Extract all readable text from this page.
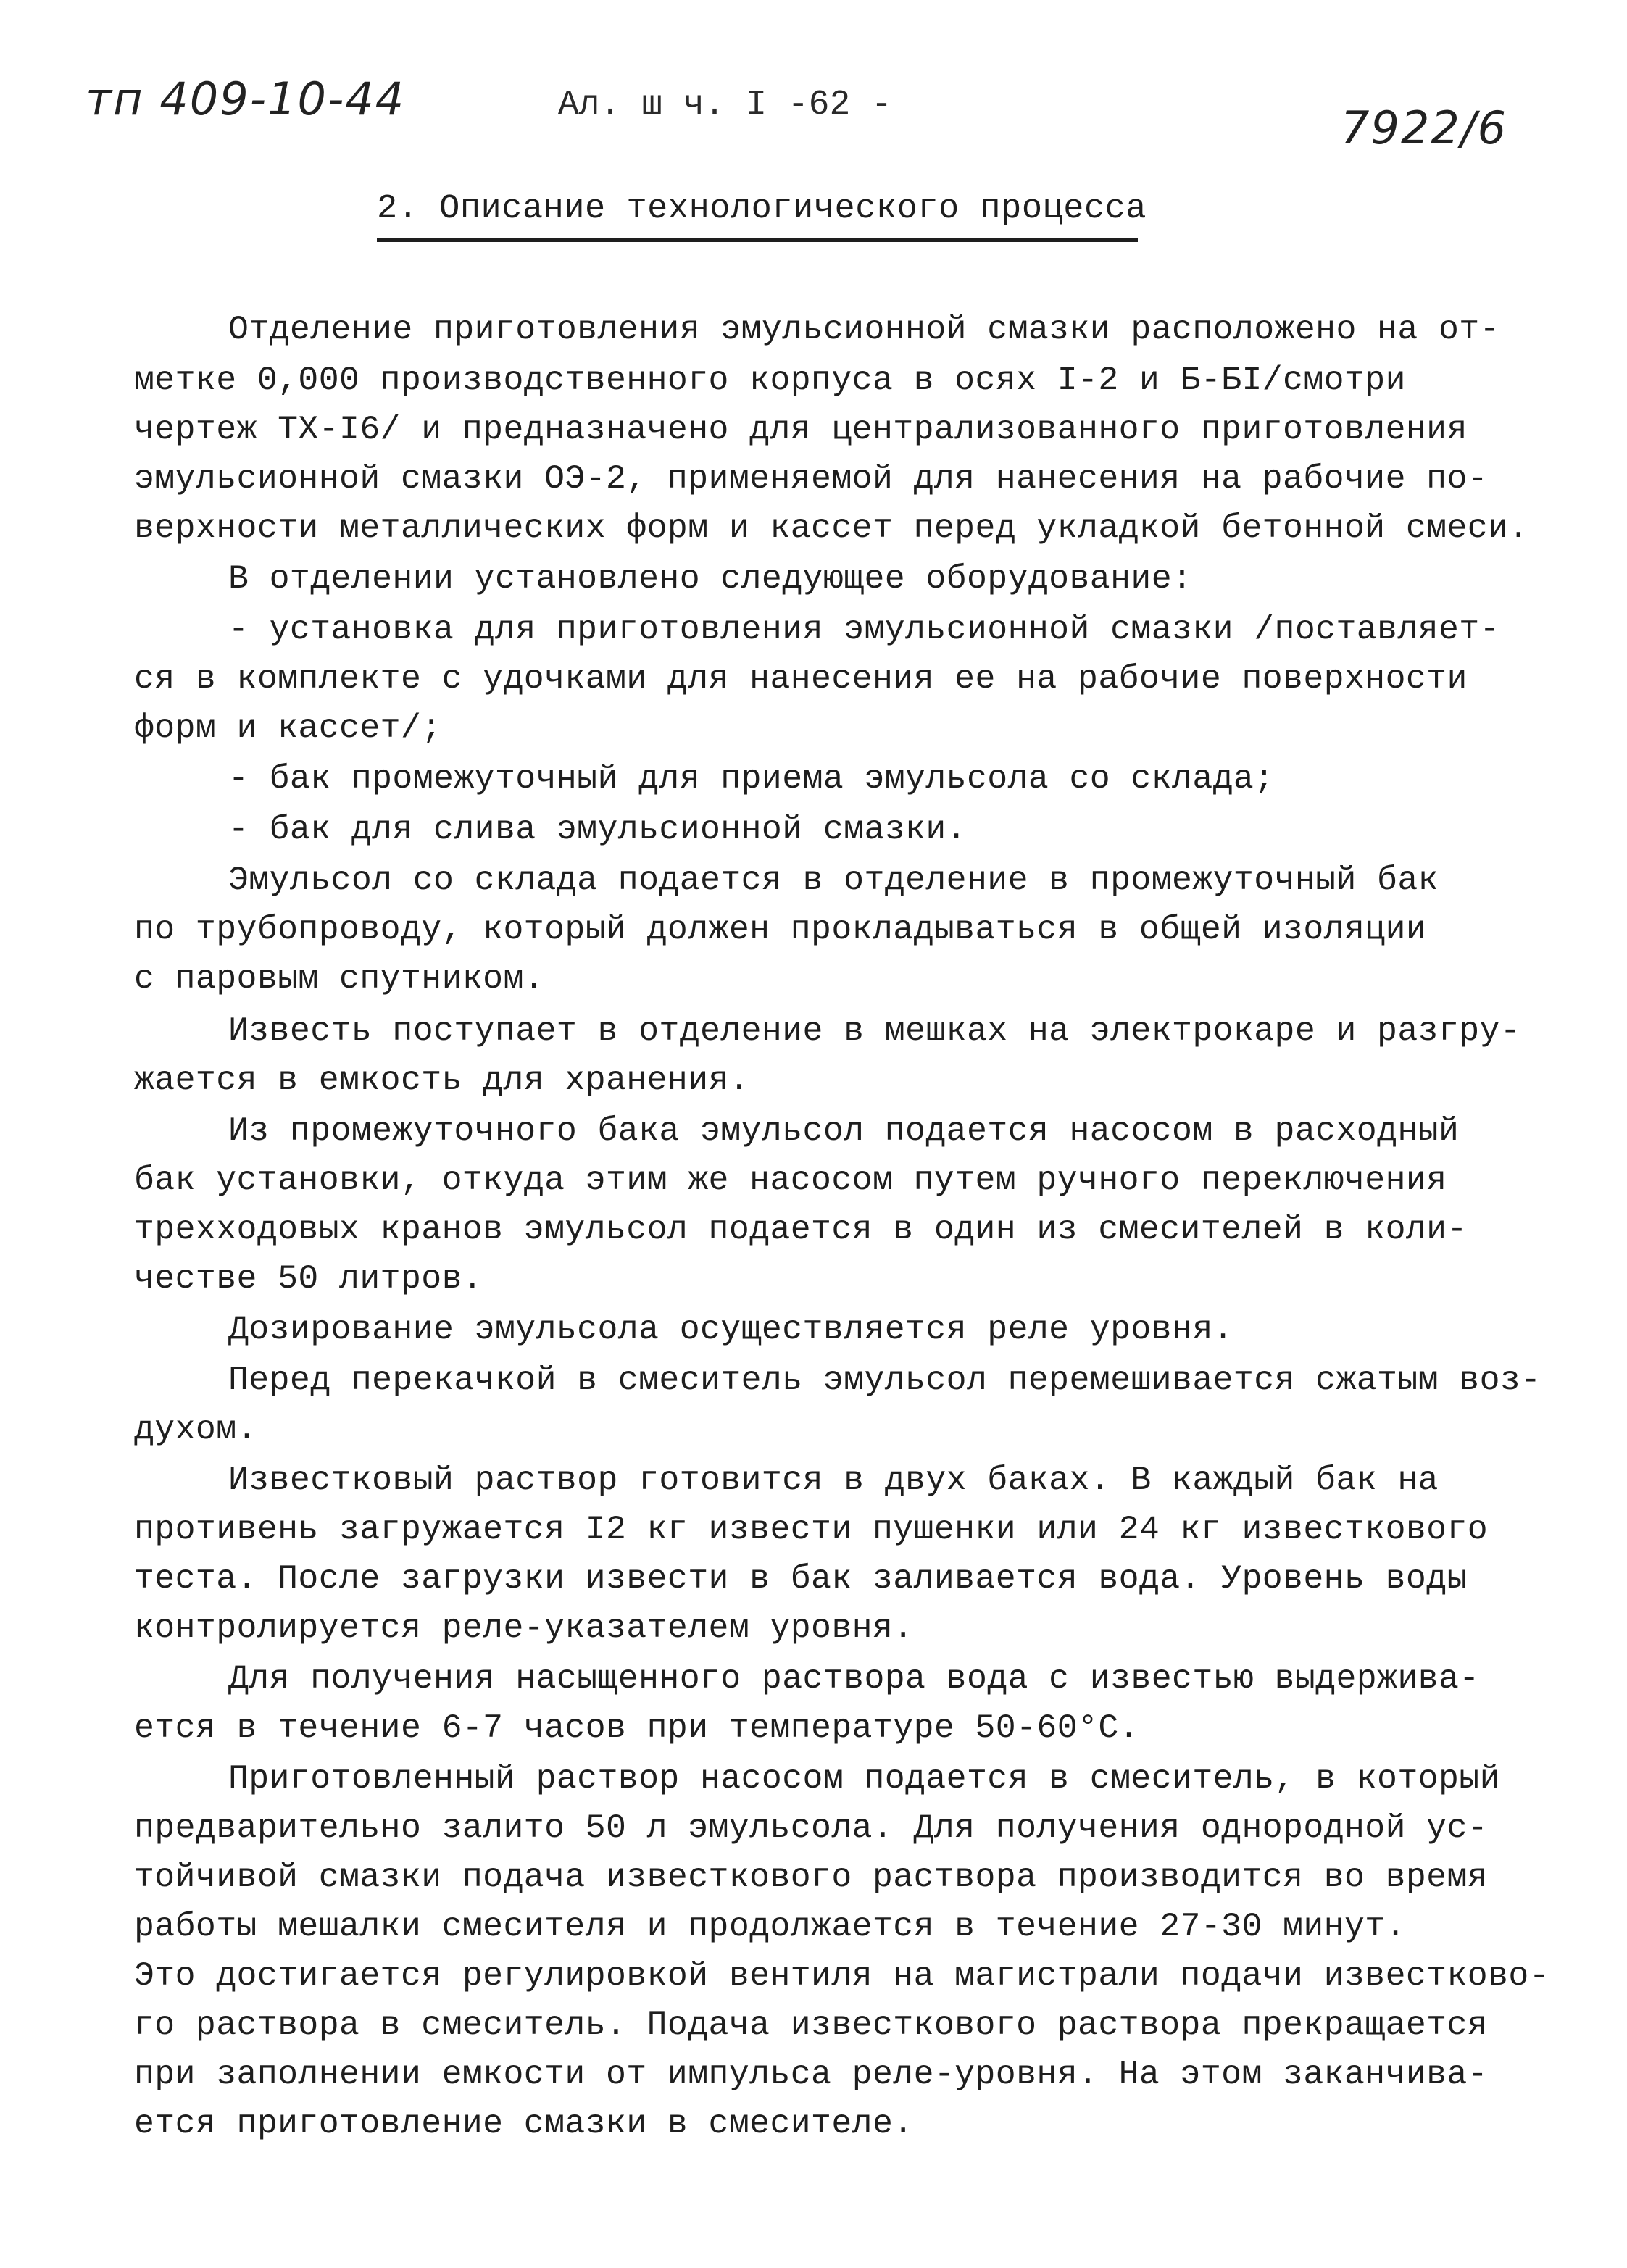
тп 409-10-44	Ал. ш ч. I -62 -	7922/6
2. Описание технологического процесса
Отделение приготовления эмульсионной смазки расположено на от-
метке 0,000 производственного корпуса в осях I-2 и Б-БI/смотри
чертеж ТХ-I6/ и предназначено для централизованного приготовления
эмульсионной смазки ОЭ-2, применяемой для нанесения на рабочие по-
верхности металлических форм и кассет перед укладкой бетонной смеси.
В отделении установлено следующее оборудование:
- установка для приготовления эмульсионной смазки /поставляет-
ся в комплекте с удочками для нанесения ее на рабочие поверхности
форм и кассет/;
- бак промежуточный для приема эмульсола со склада;
- бак для слива эмульсионной смазки.
Эмульсол со склада подается в отделение в промежуточный бак
по трубопроводу, который должен прокладываться в общей изоляции
с паровым спутником.
Известь поступает в отделение в мешках на электрокаре и разгру-
жается в емкость для хранения.
Из промежуточного бака эмульсол подается насосом в расходный
бак установки, откуда этим же насосом путем ручного переключения
трехходовых кранов эмульсол подается в один из смесителей в коли-
честве 50 литров.
Дозирование эмульсола осуществляется реле уровня.
Перед перекачкой в смеситель эмульсол перемешивается сжатым воз-
духом.
Известковый раствор готовится в двух баках. В каждый бак на
противень загружается I2 кг извести пушенки или 24 кг известкового
теста. После загрузки извести в бак заливается вода. Уровень воды
контролируется реле-указателем уровня.
Для получения насыщенного раствора вода с известью выдерживa-
ется в течение 6-7 часов при температуре 50-60°C.
Приготовленный раствор насосом подается в смеситель, в который
предварительно залито 50 л эмульсола. Для получения однородной ус-
тойчивой смазки подача известкового раствора производится во время
работы мешалки смесителя и продолжается в течение 27-30 минут.
Это достигается регулировкой вентиля на магистрали подачи известково-
го раствора в смеситель. Подача известкового раствора прекращается
при заполнении емкости от импульса реле-уровня. На этом заканчива-
ется приготовление смазки в смесителе.
